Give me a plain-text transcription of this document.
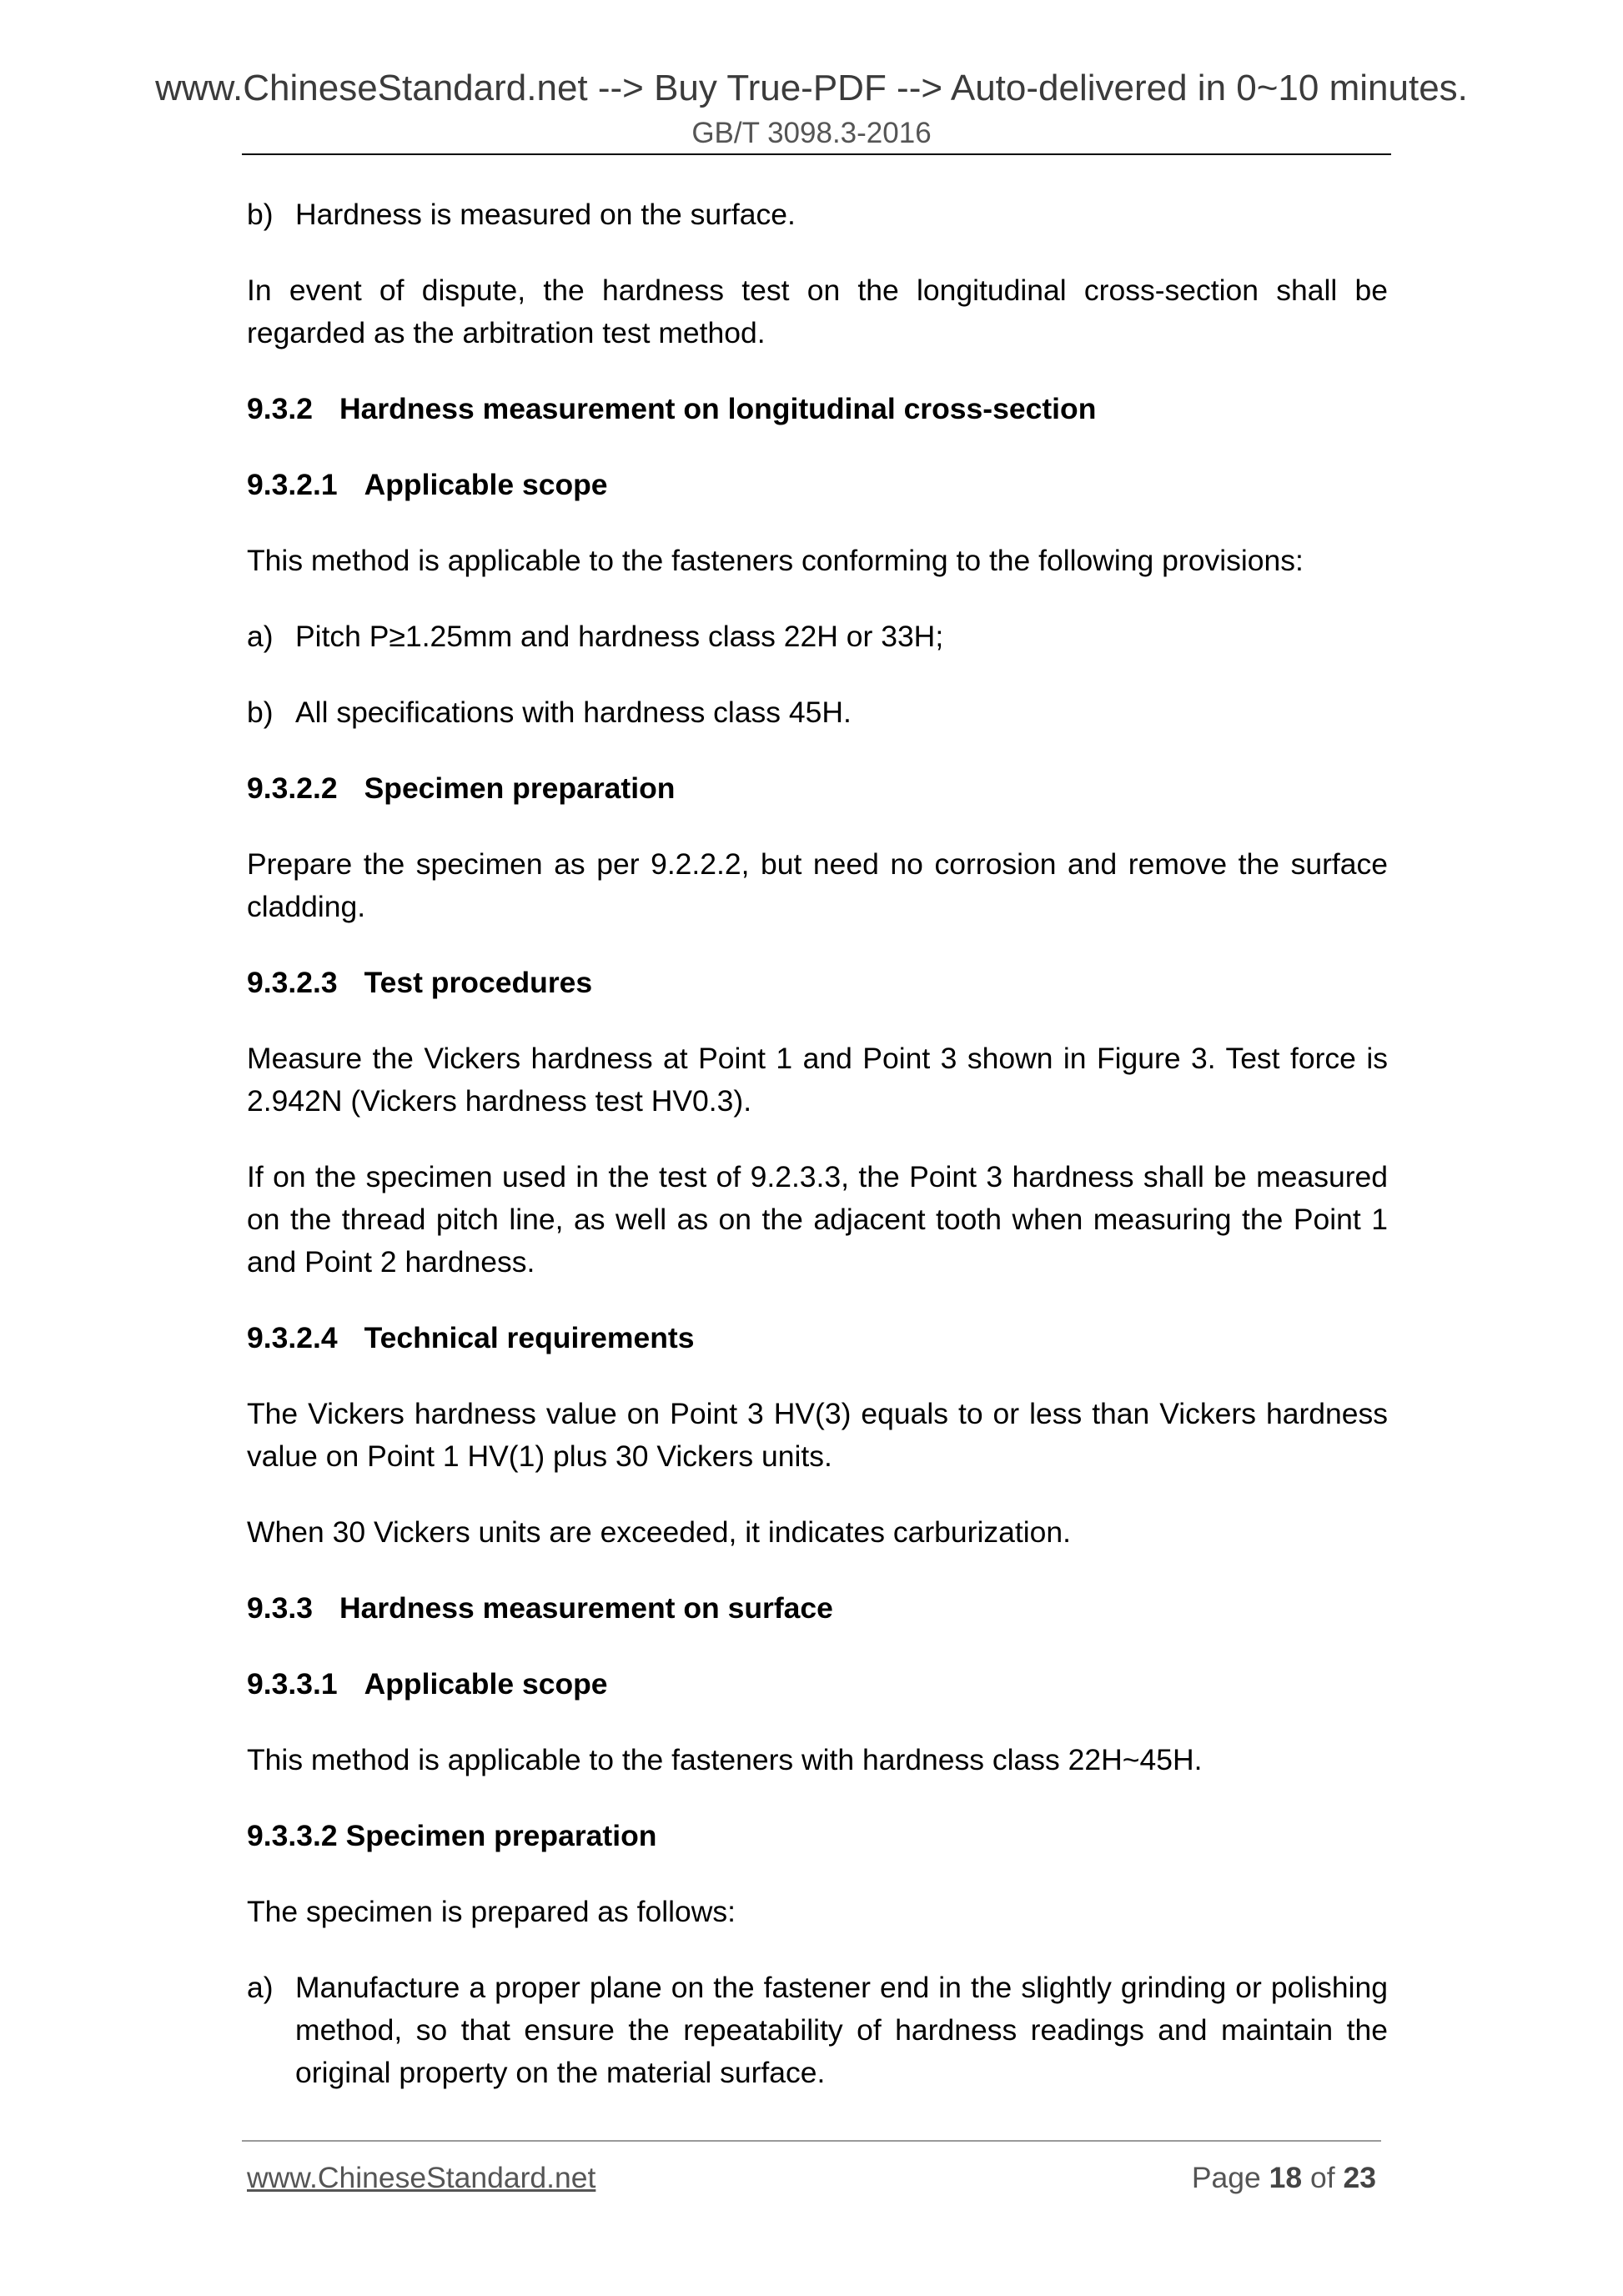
www.ChineseStandard.net --> Buy True-PDF --> Auto-delivered in 0~10 minutes.
GB/T 3098.3-2016
b) Hardness is measured on the surface.

In event of dispute, the hardness test on the longitudinal cross-section shall be regarded as the arbitration test method.

9.3.2 Hardness measurement on longitudinal cross-section
9.3.2.1 Applicable scope

This method is applicable to the fasteners conforming to the following provisions:

a) Pitch P≥1.25mm and hardness class 22H or 33H;
b) All specifications with hardness class 45H.
9.3.2.2 Specimen preparation

Prepare the specimen as per 9.2.2.2, but need no corrosion and remove the surface cladding.

9.3.2.3 Test procedures

Measure the Vickers hardness at Point 1 and Point 3 shown in Figure 3. Test force is 2.942N (Vickers hardness test HV0.3).

If on the specimen used in the test of 9.2.3.3, the Point 3 hardness shall be measured on the thread pitch line, as well as on the adjacent tooth when measuring the Point 1 and Point 2 hardness.

9.3.2.4 Technical requirements

The Vickers hardness value on Point 3 HV(3) equals to or less than Vickers hardness value on Point 1 HV(1) plus 30 Vickers units.

When 30 Vickers units are exceeded, it indicates carburization.

9.3.3 Hardness measurement on surface
9.3.3.1 Applicable scope

This method is applicable to the fasteners with hardness class 22H~45H.

9.3.3.2 Specimen preparation

The specimen is prepared as follows:

a) Manufacture a proper plane on the fastener end in the slightly grinding or polishing method, so that ensure the repeatability of hardness readings and maintain the original property on the material surface.
www.ChineseStandard.net	Page 18 of 23
